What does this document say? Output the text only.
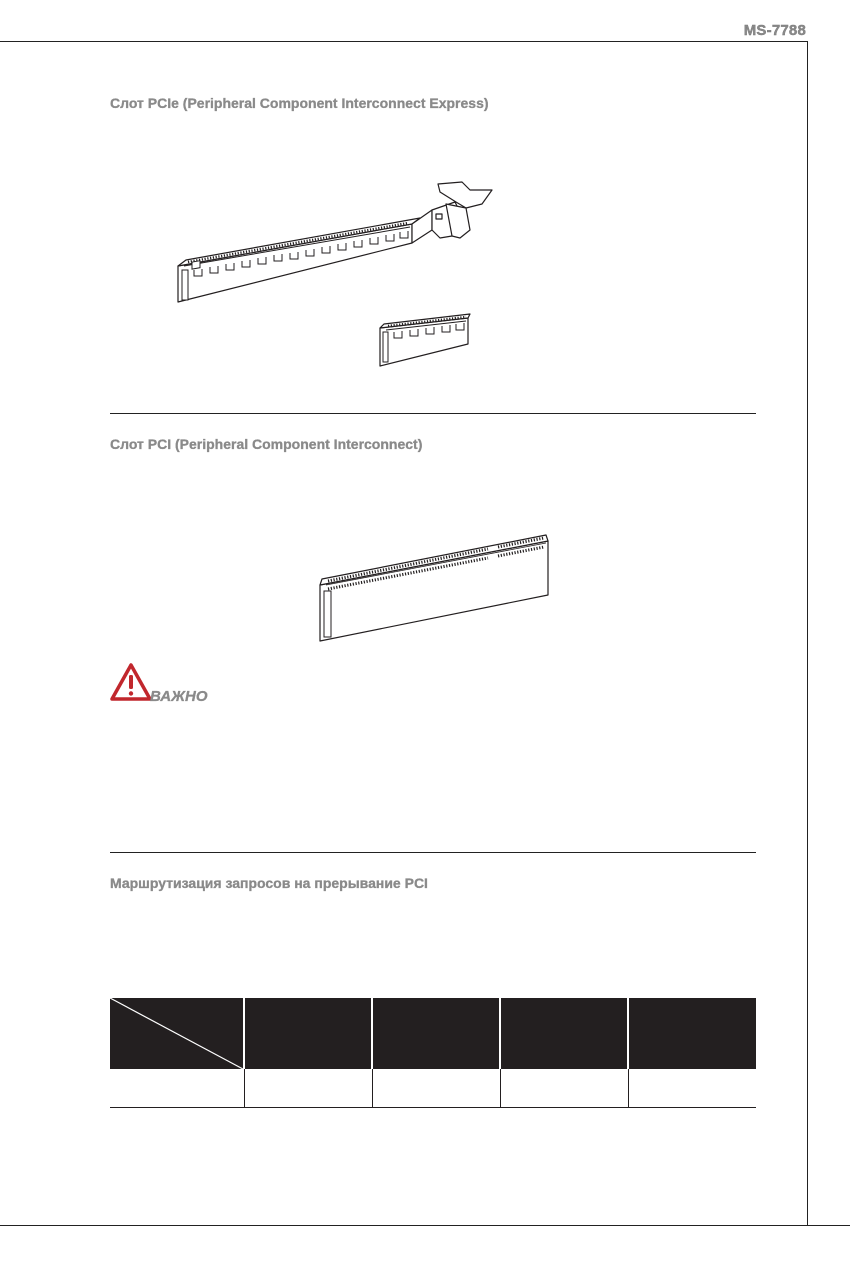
MS-7788
Слот PCIe (Peripheral Component Interconnect Express)
Слот PCI (Peripheral Component Interconnect)
ВАЖНО
Маршрутизация запросов на прерывание PCI
